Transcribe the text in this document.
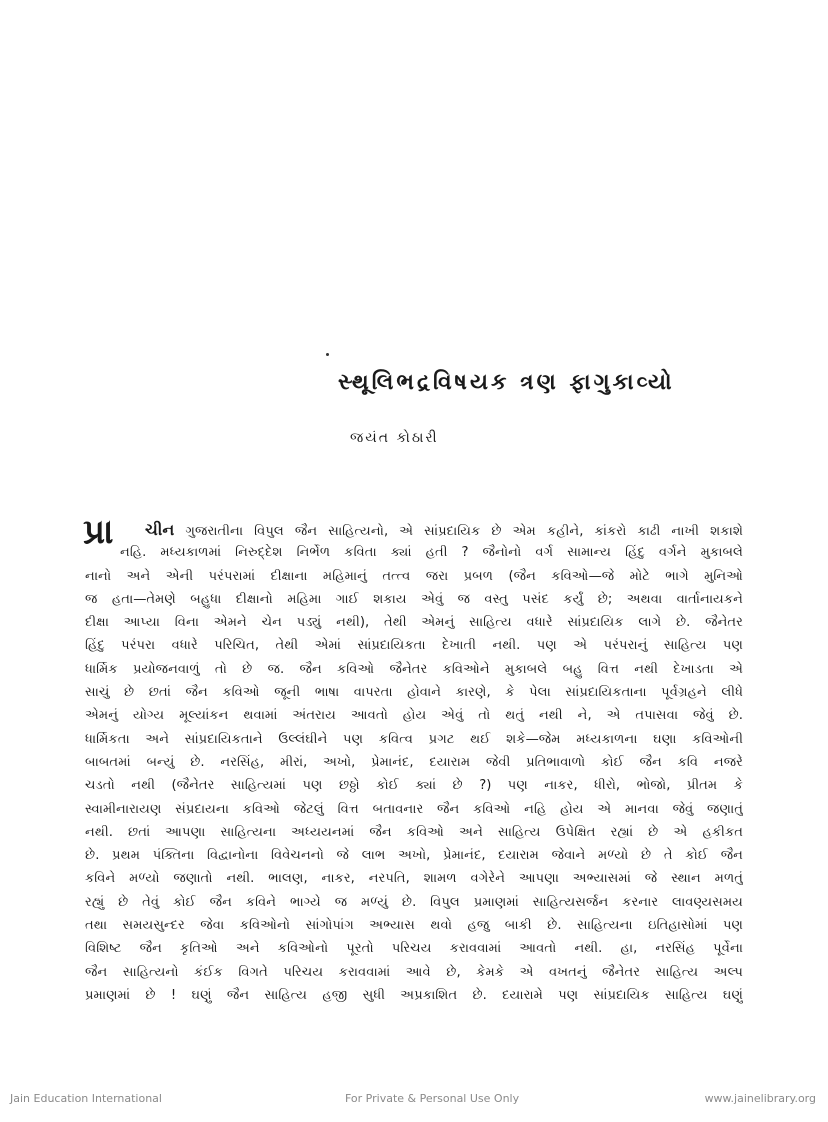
સ્થૂલિભદ્રવિષયક ત્રણ ફાગુકાવ્યો
જયંત કોઠારી
પ્રા	ચીન ગુજરાતીના વિપુલ જૈન સાહિત્યનો, એ સાંપ્રદાયિક છે એમ કહીને, કાંકરો કાઢી નાખી શકાશે
નહિ. મધ્યકાળમાં નિરુદ્દેશ નિર્ભેળ કવિતા ક્યાં હતી ? જૈનોનો વર્ગ સામાન્ય હિંદુ વર્ગને મુકાબલે
નાનો અને એની પરંપરામાં દીક્ષાના મહિમાનું તત્ત્વ જરા પ્રબળ (જૈન કવિઓ—જે મોટે ભાગે મુનિઓ
જ હતા—તેમણે બહુધા દીક્ષાનો મહિમા ગાઈ શકાય એવું જ વસ્તુ પસંદ કર્યું છે; અથવા વાર્તાનાયકને
દીક્ષા આપ્યા વિના એમને ચેન પડ્યું નથી), તેથી એમનું સાહિત્ય વધારે સાંપ્રદાયિક લાગે છે. જૈનેતર
હિંદુ પરંપરા વધારે પરિચિત, તેથી એમાં સાંપ્રદાયિકતા દેખાતી નથી. પણ એ પરંપરાનું સાહિત્ય પણ
ધાર્મિક પ્રયોજનવાળું તો છે જ. જૈન કવિઓ જૈનેતર કવિઓને મુકાબલે બહુ વિત્ત નથી દેખાડતા એ
સાચું છે છતાં જૈન કવિઓ જૂની ભાષા વાપરતા હોવાને કારણે, કે પેલા સાંપ્રદાયિકતાના પૂર્વગ્રહને લીધે
એમનું યોગ્ય મૂલ્યાંકન થવામાં અંતરાય આવતો હોય એવું તો થતું નથી ને, એ તપાસવા જેવું છે.
ધાર્મિકતા અને સાંપ્રદાયિકતાને ઉલ્લંઘીને પણ કવિત્વ પ્રગટ થઈ શકે—જેમ મધ્યકાળના ઘણા કવિઓની
બાબતમાં બન્યું છે. નરસિંહ, મીરાં, અખો, પ્રેમાનંદ, દયારામ જેવી પ્રતિભાવાળો કોઈ જૈન કવિ નજરે
ચડતો નથી (જૈનેતર સાહિત્યમાં પણ છઠ્ઠો કોઈ ક્યાં છે ?) પણ નાકર, ધીરો, ભોજો, પ્રીતમ કે
સ્વામીનારાયણ સંપ્રદાયના કવિઓ જેટલું વિત્ત બતાવનાર જૈન કવિઓ નહિ હોય એ માનવા જેવું જણાતું
નથી. છતાં આપણા સાહિત્યના અધ્યયનમાં જૈન કવિઓ અને સાહિત્ય ઉપેક્ષિત રહ્યાં છે એ હકીકત
છે. પ્રથમ પંક્તિના વિદ્વાનોના વિવેચનનો જે લાભ અખો, પ્રેમાનંદ, દયારામ જેવાને મળ્યો છે તે કોઈ જૈન
કવિને મળ્યો જણાતો નથી. ભાલણ, નાકર, નરપતિ, શામળ વગેરેને આપણા અભ્યાસમાં જે સ્થાન મળતું
રહ્યું છે તેવું કોઈ જૈન કવિને ભાગ્યે જ મળ્યું છે. વિપુલ પ્રમાણમાં સાહિત્યસર્જન કરનાર લાવણ્યસમય
તથા સમયસુન્દર જેવા કવિઓનો સાંગોપાંગ અભ્યાસ થવો હજુ બાકી છે. સાહિત્યના ઇતિહાસોમાં પણ
વિશિષ્ટ જૈન કૃતિઓ અને કવિઓનો પૂરતો પરિચય કરાવવામાં આવતો નથી. હા, નરસિંહ પૂર્વેના
જૈન સાહિત્યનો કંઈક વિગતે પરિચય કરાવવામાં આવે છે, કેમકે એ વખતનું જૈનેતર સાહિત્ય અલ્પ
પ્રમાણમાં છે ! ઘણું જૈન સાહિત્ય હજી સુધી અપ્રકાશિત છે. દયારામે પણ સાંપ્રદાયિક સાહિત્ય ઘણું
Jain Education International	For Private & Personal Use Only	www.jainelibrary.org
